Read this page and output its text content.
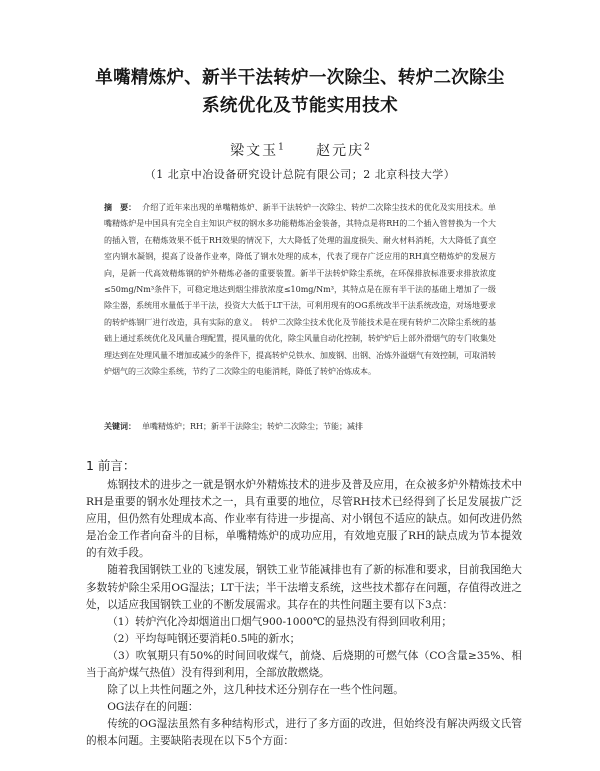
单嘴精炼炉、新半干法转炉一次除尘、转炉二次除尘
系统优化及节能实用技术
梁文玉$^1$ 赵元庆$^2$
（1 北京中冶设备研究设计总院有限公司；2 北京科技大学）
摘　要： 介绍了近年来出现的单嘴精炼炉、新半干法转炉一次除尘、转炉二次除尘技术的优化及实用技术。单嘴精炼炉是中国具有完全自主知识产权的钢水多功能精炼冶金装备，其特点是将RH的二个插入管替换为一个大的插入管，在精炼效果不低于RH效果的情况下，大大降低了处理的温度损失、耐火材料消耗，大大降低了真空室内钢水凝钢，提高了设备作业率，降低了钢水处理的成本，代表了现存广泛应用的RH真空精炼炉的发展方向，是新一代高效精炼钢的炉外精炼必备的重要装置。新半干法转炉除尘系统，在环保排放标准要求排放浓度≤50mg/Nm³条件下，可稳定地达到烟尘排放浓度≤10mg/Nm³，其特点是在原有半干法的基础上增加了一级除尘器，系统用水量低于半干法，投资大大低于LT干法，可利用现有的OG系统改半干法系统改造，对场地要求的转炉炼钢厂进行改造，具有实际的意义。　转炉二次除尘技术优化及节能技术是在现有转炉二次除尘系统的基础上通过系统优化及风量合理配置，提风量的优化，除尘风量自动化控制，转炉炉后上部外滑烟气的专门收集处理达到在处理风量不增加或减少的条件下，提高转炉兑铁水、加废钢、出钢、冶炼外溢烟气有效控制，可取消转炉烟气的三次除尘系统，节约了二次除尘的电能消耗，降低了转炉冶炼成本。
关键词： 单嘴精炼炉；RH；新半干法除尘；转炉二次除尘；节能；减排
1 前言：

炼钢技术的进步之一就是钢水炉外精炼技术的进步及普及应用，在众被多炉外精炼技术中RH是重要的钢水处理技术之一，具有重要的地位，尽管RH技术已经得到了长足发展拔广泛应用，但仍然有处理成本高、作业率有待进一步提高、对小钢包不适应的缺点。如何改进仍然是冶金工作者向奋斗的目标，单嘴精炼炉的成功应用，有效地克服了RH的缺点成为节本提效的有效手段。

随着我国钢铁工业的飞速发展，钢铁工业节能减排也有了新的标准和要求，目前我国绝大多数转炉除尘采用OG湿法；LT干法；半干法增支系统，这些技术都存在问题，存值得改进之处，以适应我国钢铁工业的不断发展需求。其存在的共性问题主要有以下3点：

（1）转炉汽化冷却烟道出口烟气900-1000℃的显热没有得到回收利用；

（2）平均每吨钢还要消耗0.5吨的新水；

（3）吹氧期只有50%的时间回收煤气，前烧、后烧期的可燃气体（CO含量≥35%、相当于高炉煤气热值）没有得到利用，全部放散燃烧。

除了以上共性问题之外，这几种技术还分别存在一些个性问题。

OG法存在的问题：

传统的OG湿法虽然有多种结构形式，进行了多方面的改进，但始终没有解决两级文氏管的根本问题。主要缺陷表现在以下5个方面：
